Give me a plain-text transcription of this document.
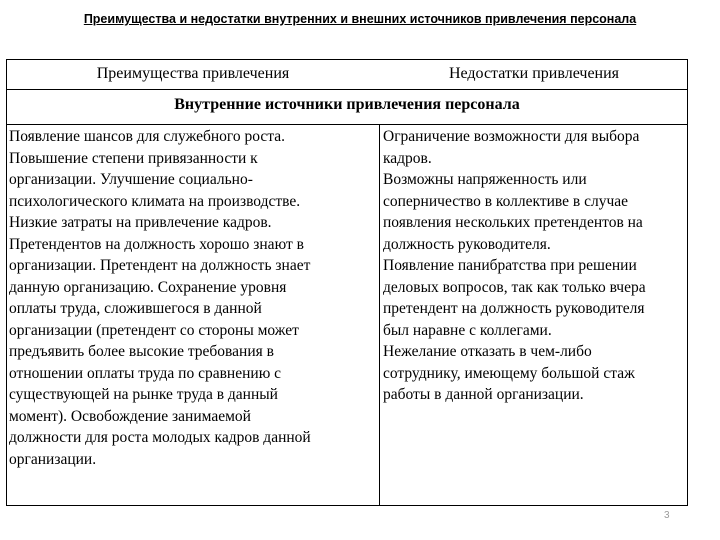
Преимущества и недостатки внутренних и внешних источников привлечения персонала
Преимущества привлечения	Недостатки привлечения
Внутренние источники привлечения персонала
Появление шансов для служебного роста.
Повышение степени привязанности к
организации. Улучшение социально-
психологического климата на производстве.
Низкие затраты на привлечение кадров.
Претендентов на должность хорошо знают в
организации. Претендент на должность знает
данную организацию. Сохранение уровня
оплаты труда, сложившегося в данной
организации (претендент со стороны может
предъявить более высокие требования в
отношении оплаты труда по сравнению с
существующей на рынке труда в данный
момент). Освобождение занимаемой
должности для роста молодых кадров данной
организации.
Ограничение возможности для выбора
кадров.
Возможны напряженность или
соперничество в коллективе в случае
появления нескольких претендентов на
должность руководителя.
Появление панибратства при решении
деловых вопросов, так как только вчера
претендент на должность руководителя
был наравне с коллегами.
Нежелание отказать в чем-либо
сотруднику, имеющему большой стаж
работы в данной организации.
3
